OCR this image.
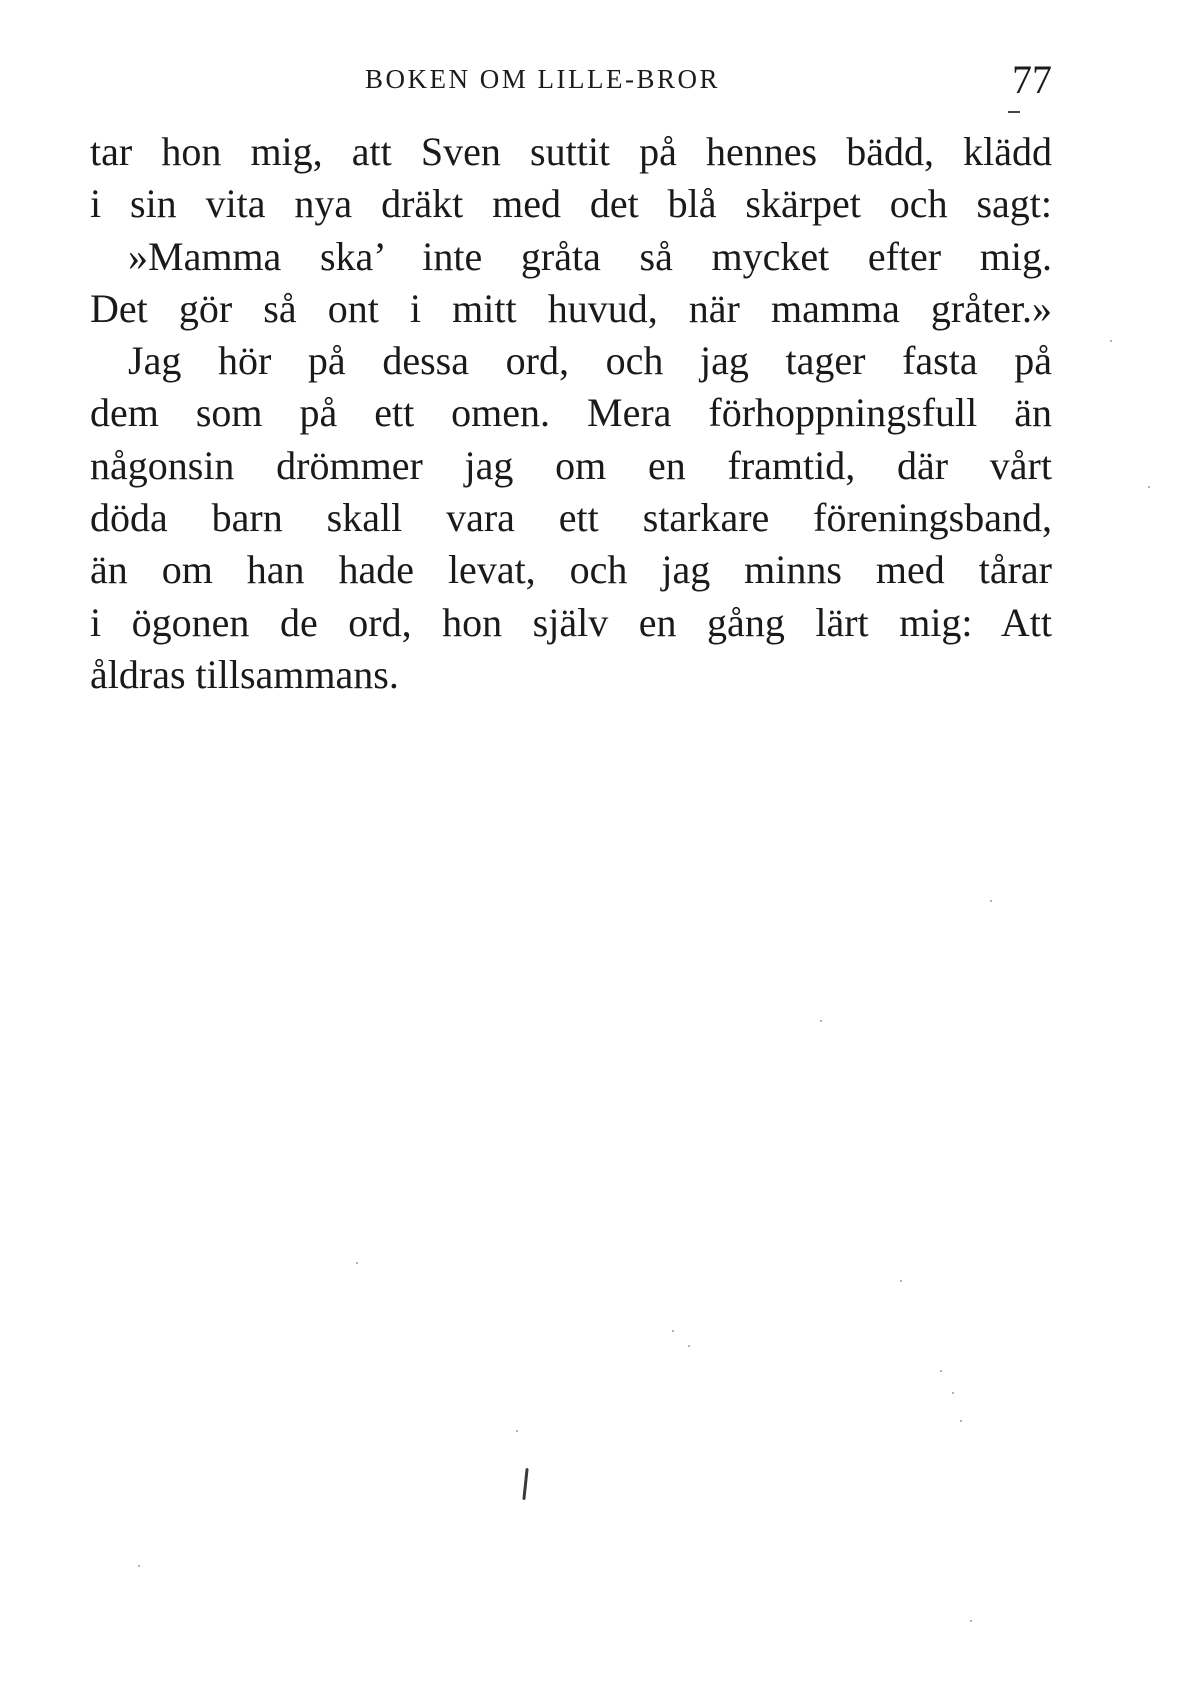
BOKEN OM LILLE-BROR	77
tar hon mig, att Sven suttit på hennes bädd, klädd
i sin vita nya dräkt med det blå skärpet och sagt:
»Mamma ska’ inte gråta så mycket efter mig.
Det gör så ont i mitt huvud, när mamma gråter.»
Jag hör på dessa ord, och jag tager fasta på
dem som på ett omen. Mera förhoppningsfull än
någonsin drömmer jag om en framtid, där vårt
döda barn skall vara ett starkare föreningsband,
än om han hade levat, och jag minns med tårar
i ögonen de ord, hon själv en gång lärt mig: Att
åldras tillsammans.
